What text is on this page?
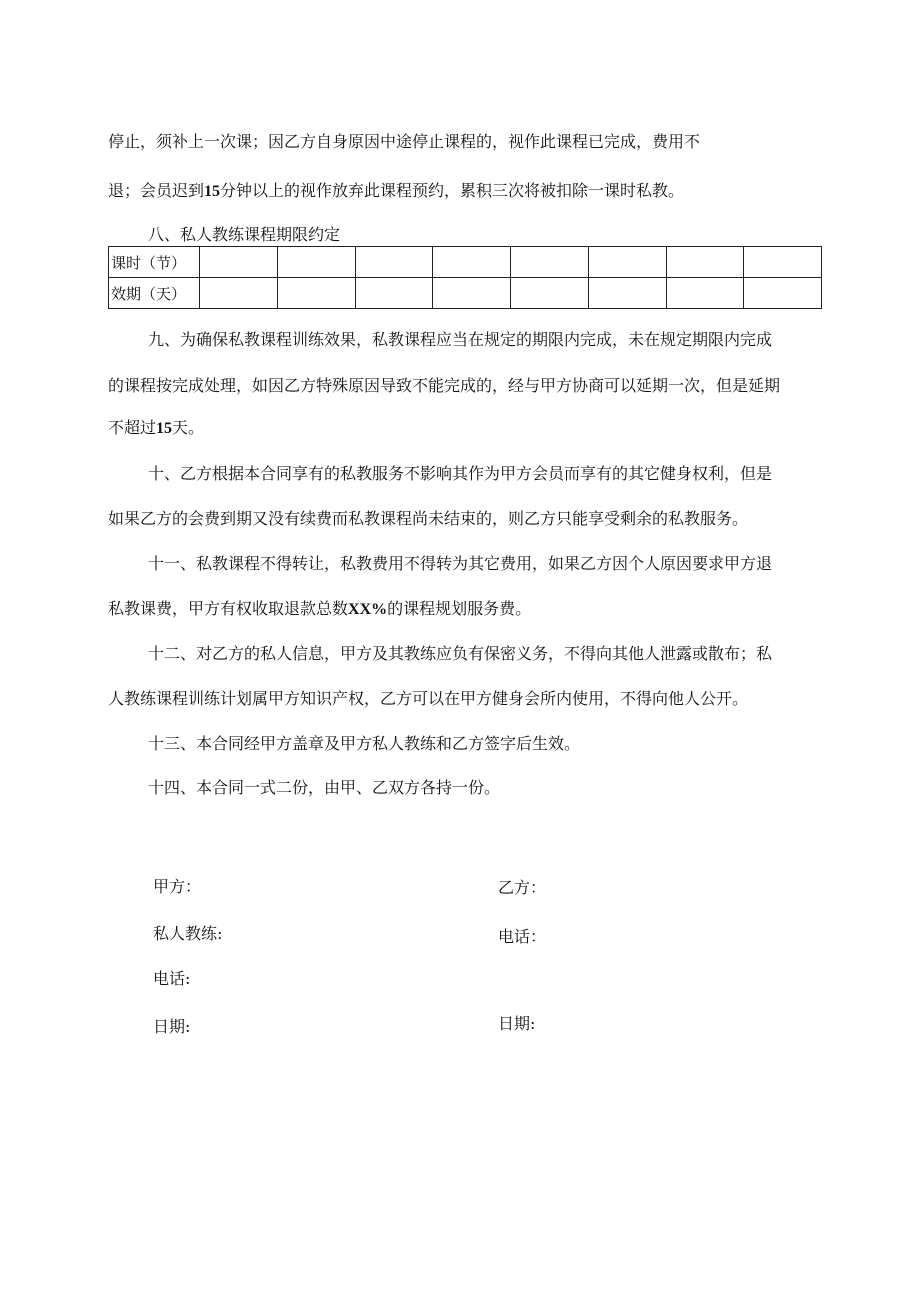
停止，须补上一次课；因乙方自身原因中途停止课程的，视作此课程已完成，费用不
退；会员迟到15分钟以上的视作放弃此课程预约，累积三次将被扣除一课时私教。
八、私人教练课程期限约定
课时（节）								
效期（天）								
九、为确保私教课程训练效果，私教课程应当在规定的期限内完成，未在规定期限内完成
的课程按完成处理，如因乙方特殊原因导致不能完成的，经与甲方协商可以延期一次，但是延期
不超过15天。
十、乙方根据本合同享有的私教服务不影响其作为甲方会员而享有的其它健身权利，但是
如果乙方的会费到期又没有续费而私教课程尚未结束的，则乙方只能享受剩余的私教服务。
十一、私教课程不得转让，私教费用不得转为其它费用，如果乙方因个人原因要求甲方退
私教课费，甲方有权收取退款总数XX%的课程规划服务费。
十二、对乙方的私人信息，甲方及其教练应负有保密义务，不得向其他人泄露或散布；私
人教练课程训练计划属甲方知识产权，乙方可以在甲方健身会所内使用，不得向他人公开。
十三、本合同经甲方盖章及甲方私人教练和乙方签字后生效。
十四、本合同一式二份，由甲、乙双方各持一份。
甲方：	乙方：
私人教练:	电话：
电话:
日期:	日期:
